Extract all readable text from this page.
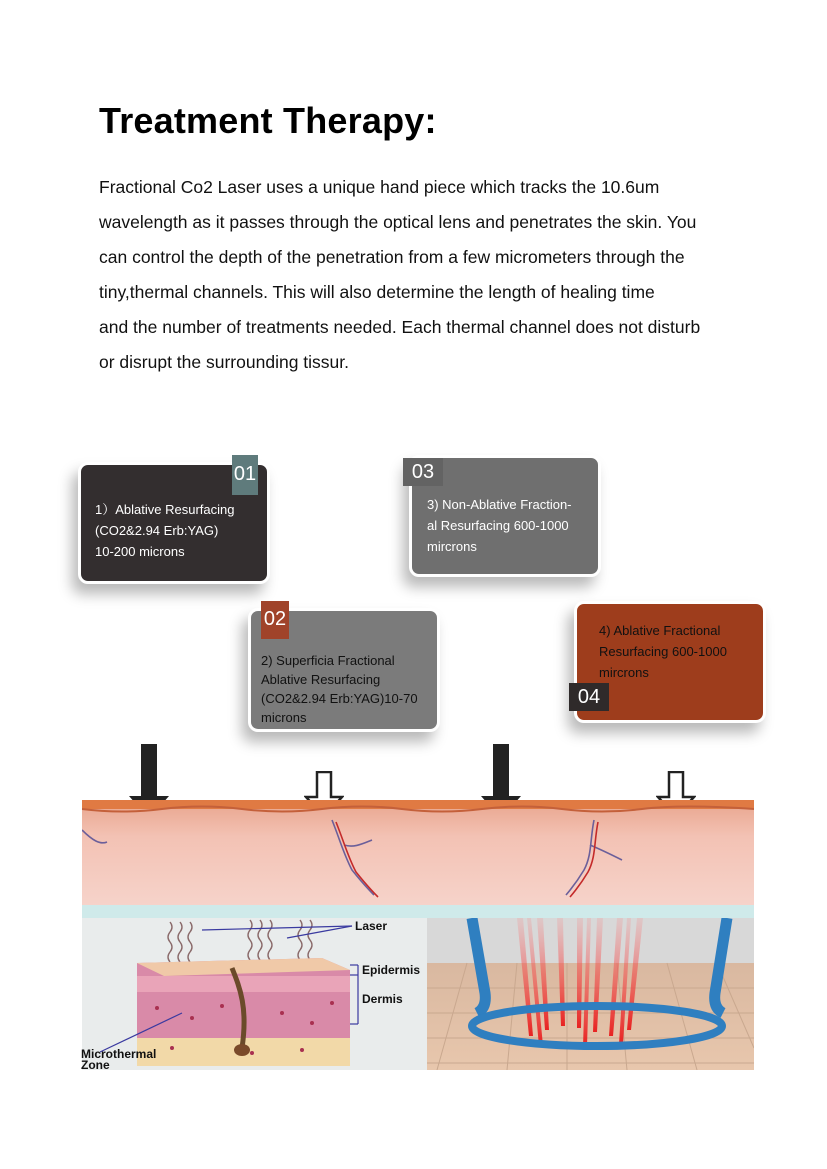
Treatment Therapy:
Fractional Co2 Laser uses a unique hand piece which tracks the 10.6um
wavelength as it passes through the optical lens and penetrates the skin. You
can control the depth of the penetration from a few micrometers through the
tiny,thermal channels. This will also determine the length of healing time
and the number of treatments needed. Each thermal channel does not disturb
or disrupt the surrounding tissur.
1）Ablative Resurfacing
(CO2&2.94 Erb:YAG)
10-200 microns
01
3) Non-Ablative Fraction-
al Resurfacing 600-1000
mircrons
03
2) Superficia Fractional
Ablative Resurfacing
(CO2&2.94 Erb:YAG)10-70
microns
02
4) Ablative Fractional
Resurfacing 600-1000
mircrons
04
Laser
Epidermis
Dermis
Microthermal
Zone
